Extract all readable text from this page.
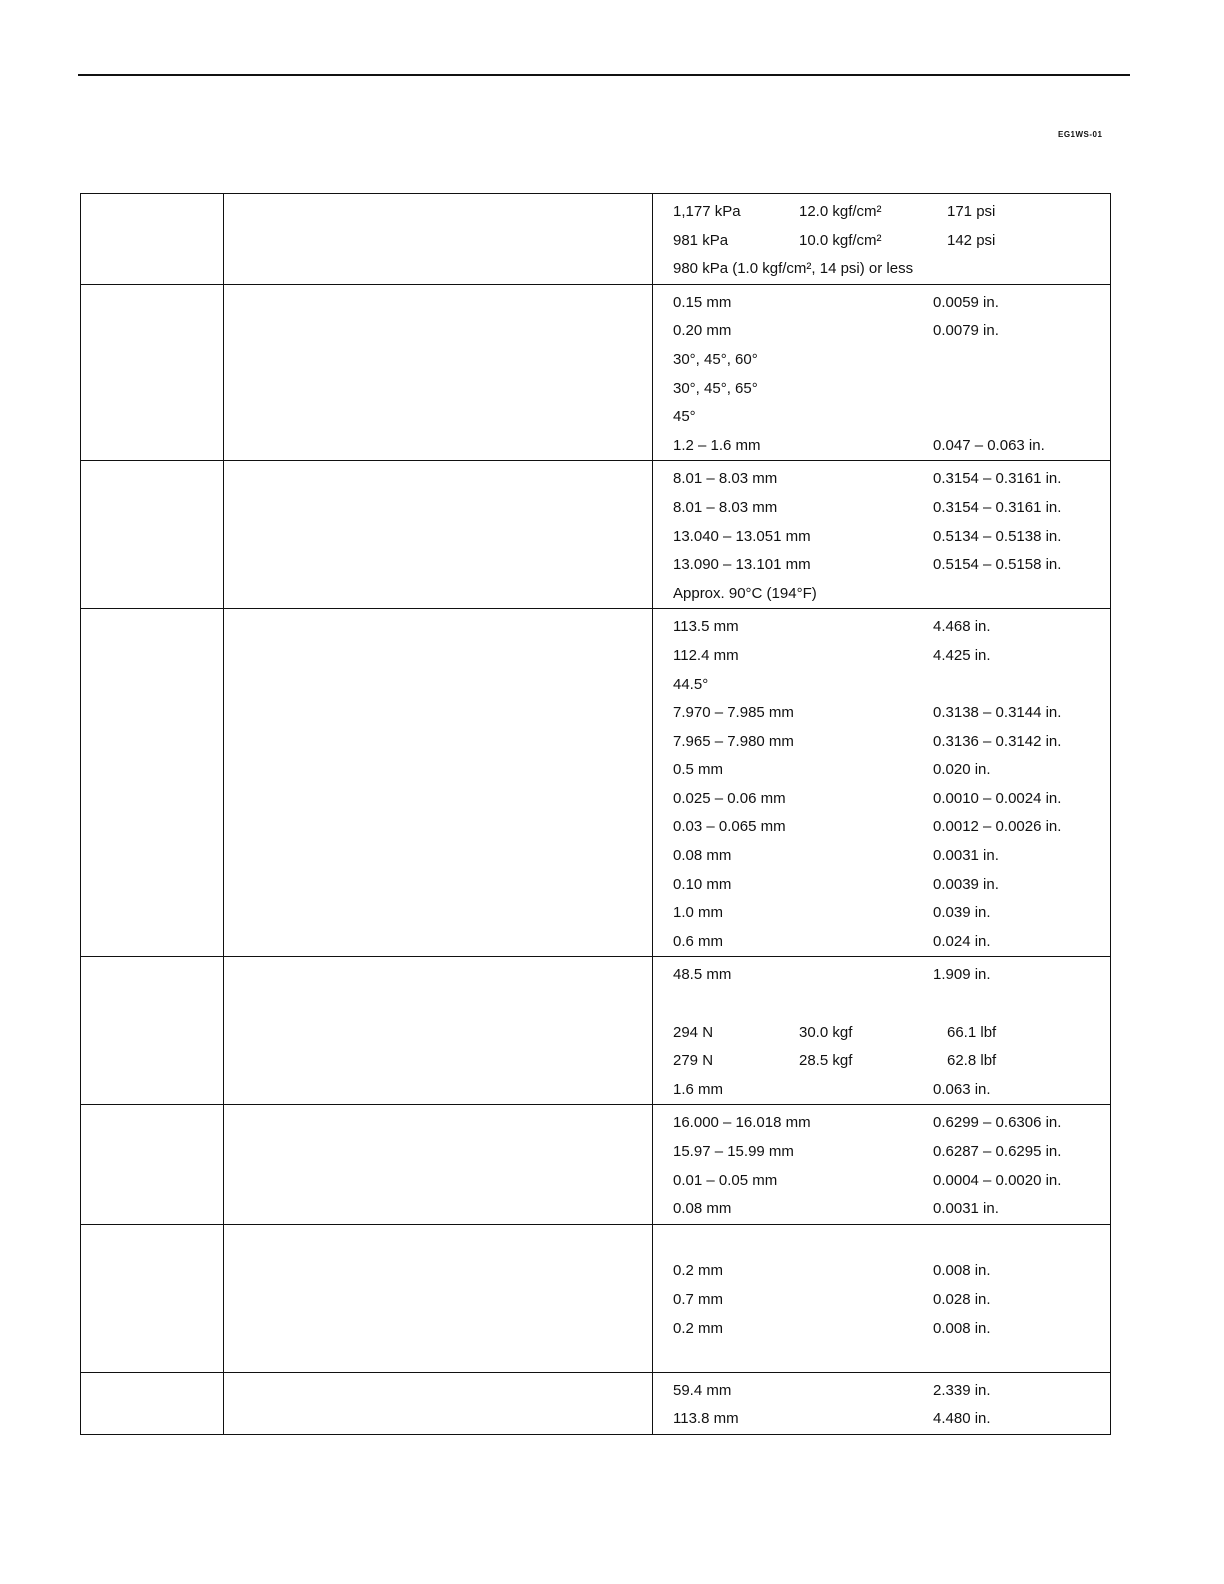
EG1WS-01
1,177 kPa	12.0 kgf/cm²	171 psi
981 kPa	10.0 kgf/cm²	142 psi
980 kPa (1.0 kgf/cm², 14 psi) or less
0.15 mm	0.0059 in.
0.20 mm	0.0079 in.
30°, 45°, 60°
30°, 45°, 65°
45°
1.2 – 1.6 mm	0.047 – 0.063 in.
8.01 – 8.03 mm	0.3154 – 0.3161 in.
8.01 – 8.03 mm	0.3154 – 0.3161 in.
13.040 – 13.051 mm	0.5134 – 0.5138 in.
13.090 – 13.101 mm	0.5154 – 0.5158 in.
Approx. 90°C (194°F)
113.5 mm	4.468 in.
112.4 mm	4.425 in.
44.5°
7.970 – 7.985 mm	0.3138 – 0.3144 in.
7.965 – 7.980 mm	0.3136 – 0.3142 in.
0.5 mm	0.020 in.
0.025 – 0.06 mm	0.0010 – 0.0024 in.
0.03 – 0.065 mm	0.0012 – 0.0026 in.
0.08 mm	0.0031 in.
0.10 mm	0.0039 in.
1.0 mm	0.039 in.
0.6 mm	0.024 in.
48.5 mm	1.909 in.
294 N	30.0 kgf	66.1 lbf
279 N	28.5 kgf	62.8 lbf
1.6 mm	0.063 in.
16.000 – 16.018 mm	0.6299 – 0.6306 in.
15.97 – 15.99 mm	0.6287 – 0.6295 in.
0.01 – 0.05 mm	0.0004 – 0.0020 in.
0.08 mm	0.0031 in.
0.2 mm	0.008 in.
0.7 mm	0.028 in.
0.2 mm	0.008 in.
59.4 mm	2.339 in.
113.8 mm	4.480 in.
